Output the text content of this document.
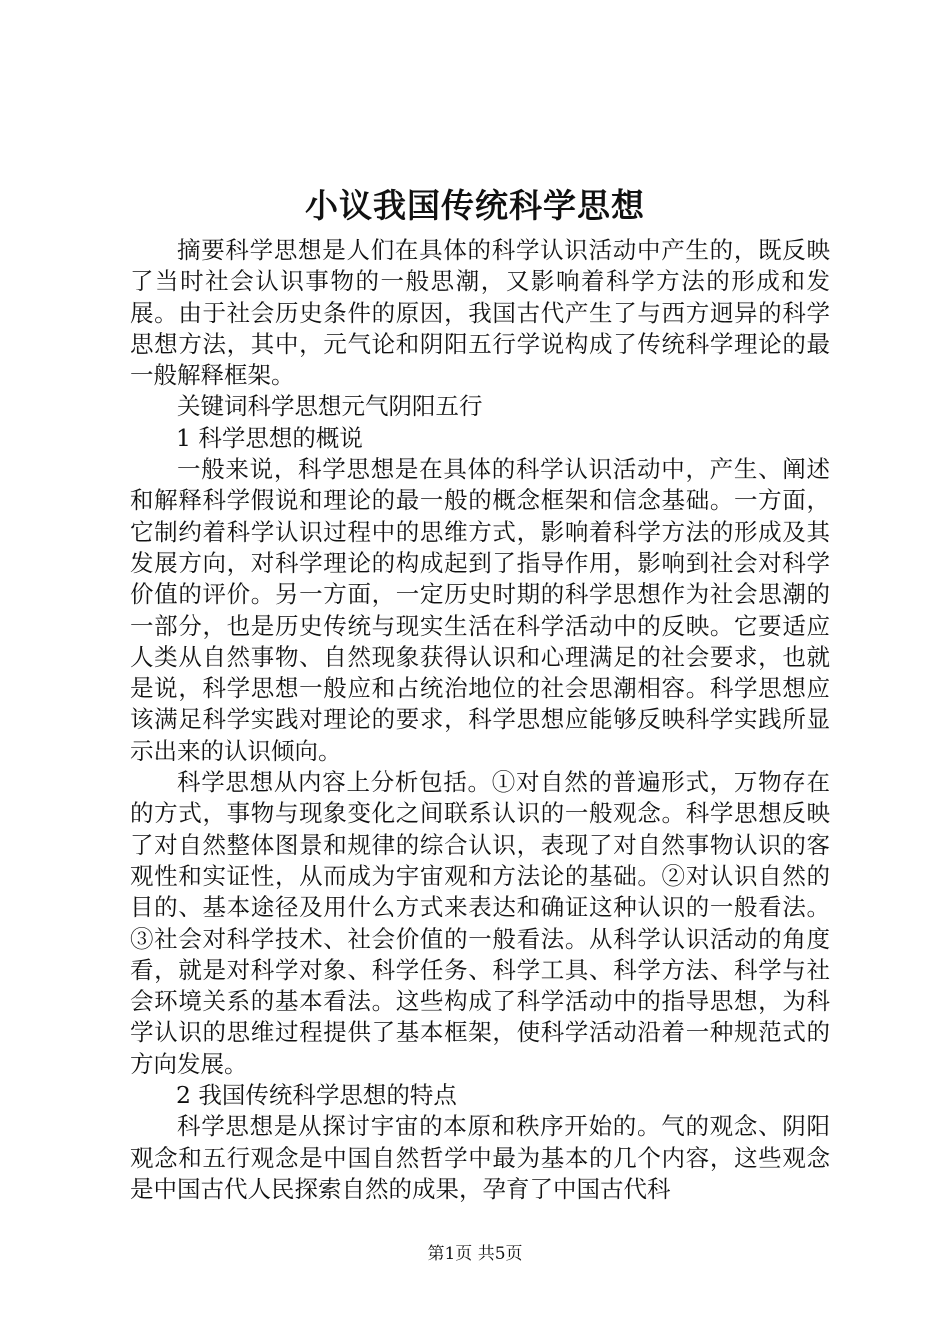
小议我国传统科学思想

摘要科学思想是人们在具体的科学认识活动中产生的，既反映了当时社会认识事物的一般思潮，又影响着科学方法的形成和发展。由于社会历史条件的原因，我国古代产生了与西方迥异的科学思想方法，其中，元气论和阴阳五行学说构成了传统科学理论的最一般解释框架。

关键词科学思想元气阴阳五行

1 科学思想的概说

一般来说，科学思想是在具体的科学认识活动中，产生、阐述和解释科学假说和理论的最一般的概念框架和信念基础。一方面，它制约着科学认识过程中的思维方式，影响着科学方法的形成及其发展方向，对科学理论的构成起到了指导作用，影响到社会对科学价值的评价。另一方面，一定历史时期的科学思想作为社会思潮的一部分，也是历史传统与现实生活在科学活动中的反映。它要适应人类从自然事物、自然现象获得认识和心理满足的社会要求，也就是说，科学思想一般应和占统治地位的社会思潮相容。科学思想应该满足科学实践对理论的要求，科学思想应能够反映科学实践所显示出来的认识倾向。

科学思想从内容上分析包括。①对自然的普遍形式，万物存在的方式，事物与现象变化之间联系认识的一般观念。科学思想反映了对自然整体图景和规律的综合认识，表现了对自然事物认识的客观性和实证性，从而成为宇宙观和方法论的基础。②对认识自然的目的、基本途径及用什么方式来表达和确证这种认识的一般看法。③社会对科学技术、社会价值的一般看法。从科学认识活动的角度看，就是对科学对象、科学任务、科学工具、科学方法、科学与社会环境关系的基本看法。这些构成了科学活动中的指导思想，为科学认识的思维过程提供了基本框架，使科学活动沿着一种规范式的方向发展。

2 我国传统科学思想的特点

科学思想是从探讨宇宙的本原和秩序开始的。气的观念、阴阳观念和五行观念是中国自然哲学中最为基本的几个内容，这些观念是中国古代人民探索自然的成果，孕育了中国古代科

第1页 共5页
